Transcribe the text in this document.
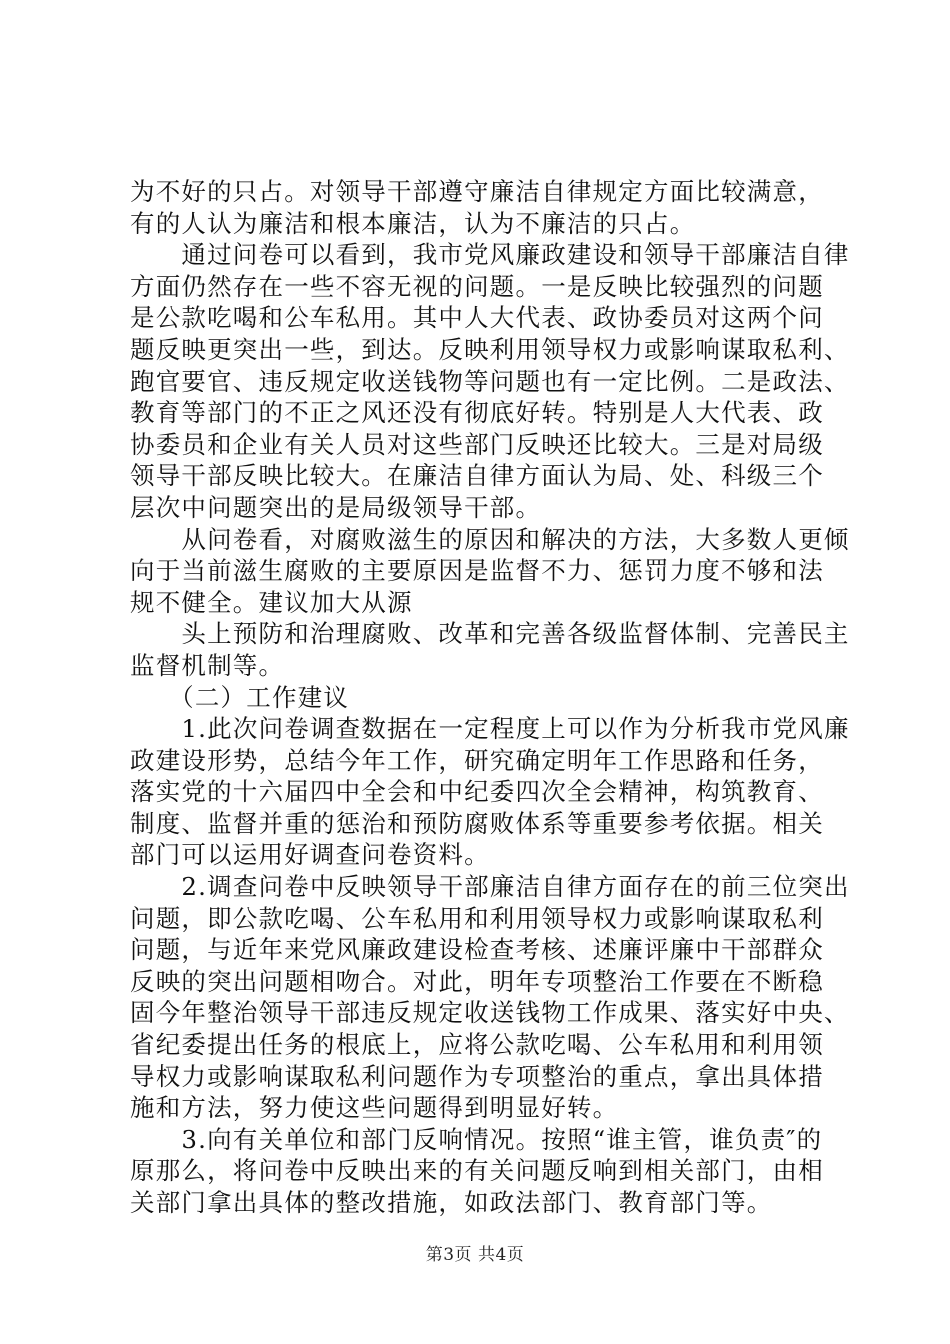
为不好的只占。对领导干部遵守廉洁自律规定方面比较满意，
有的人认为廉洁和根本廉洁，认为不廉洁的只占。
　　通过问卷可以看到，我市党风廉政建设和领导干部廉洁自律
方面仍然存在一些不容无视的问题。一是反映比较强烈的问题
是公款吃喝和公车私用。其中人大代表、政协委员对这两个问
题反映更突出一些，到达。反映利用领导权力或影响谋取私利、
跑官要官、违反规定收送钱物等问题也有一定比例。二是政法、
教育等部门的不正之风还没有彻底好转。特别是人大代表、政
协委员和企业有关人员对这些部门反映还比较大。三是对局级
领导干部反映比较大。在廉洁自律方面认为局、处、科级三个
层次中问题突出的是局级领导干部。
　　从问卷看，对腐败滋生的原因和解决的方法，大多数人更倾
向于当前滋生腐败的主要原因是监督不力、惩罚力度不够和法
规不健全。建议加大从源
　　头上预防和治理腐败、改革和完善各级监督体制、完善民主
监督机制等。
　　（二）工作建议
　　1.此次问卷调查数据在一定程度上可以作为分析我市党风廉
政建设形势，总结今年工作，研究确定明年工作思路和任务，
落实党的十六届四中全会和中纪委四次全会精神，构筑教育、
制度、监督并重的惩治和预防腐败体系等重要参考依据。相关
部门可以运用好调查问卷资料。
　　2.调查问卷中反映领导干部廉洁自律方面存在的前三位突出
问题，即公款吃喝、公车私用和利用领导权力或影响谋取私利
问题，与近年来党风廉政建设检查考核、述廉评廉中干部群众
反映的突出问题相吻合。对此，明年专项整治工作要在不断稳
固今年整治领导干部违反规定收送钱物工作成果、落实好中央、
省纪委提出任务的根底上，应将公款吃喝、公车私用和利用领
导权力或影响谋取私利问题作为专项整治的重点，拿出具体措
施和方法，努力使这些问题得到明显好转。
　　3.向有关单位和部门反响情况。按照“谁主管，谁负责″的
原那么，将问卷中反映出来的有关问题反响到相关部门，由相
关部门拿出具体的整改措施，如政法部门、教育部门等。
第3页 共4页
